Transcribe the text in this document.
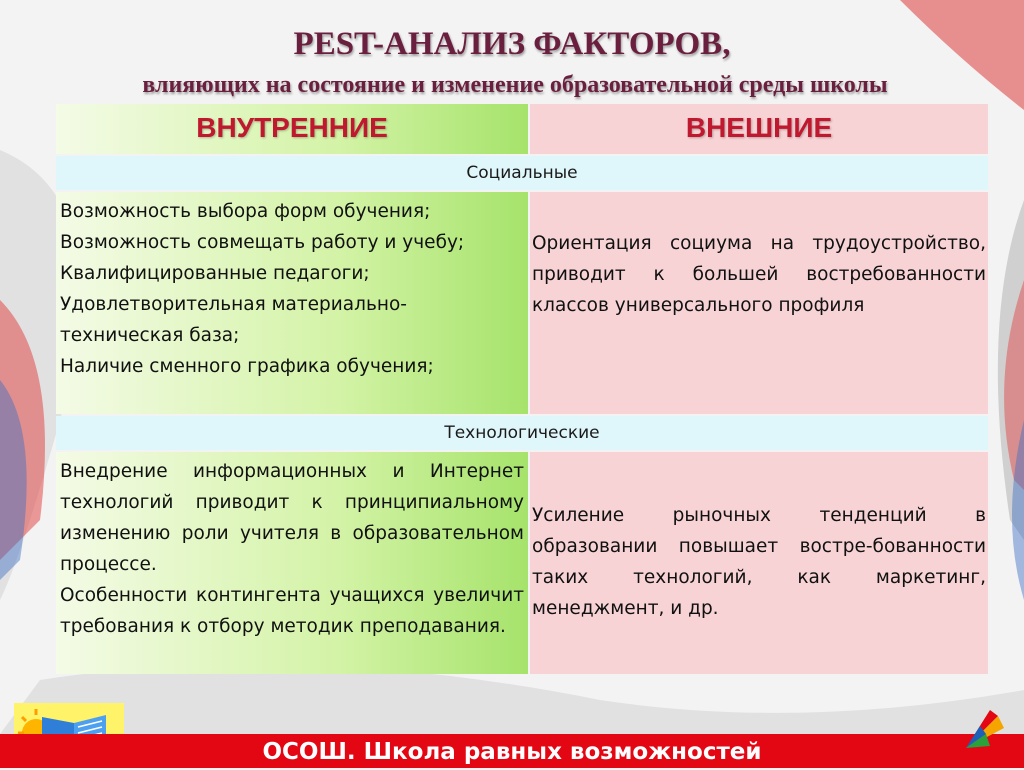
PEST-АНАЛИЗ ФАКТОРОВ,
влияющих на состояние и изменение образовательной среды школы
ВНУТРЕННИЕ	ВНЕШНИЕ
Социальные

Возможность выбора форм обучения;

Возможность совмещать работу и учебу;

Квалифицированные педагоги;

Удовлетворительная материально-техническая база;

Наличие сменного графика обучения;

Ориентация социума на трудоустройство, приводит к большей востребованности классов универсального профиля

Технологические

Внедрение информационных и Интернет технологий приводит к принципиальному изменению роли учителя в образовательном процессе.

Особенности контингента учащихся увеличит требования к отбору методик преподавания.

Усиление рыночных тенденций в образовании повышает востре-бованности таких технологий, как маркетинг, менеджмент, и др.

ОСОШ. Школа равных возможностей
